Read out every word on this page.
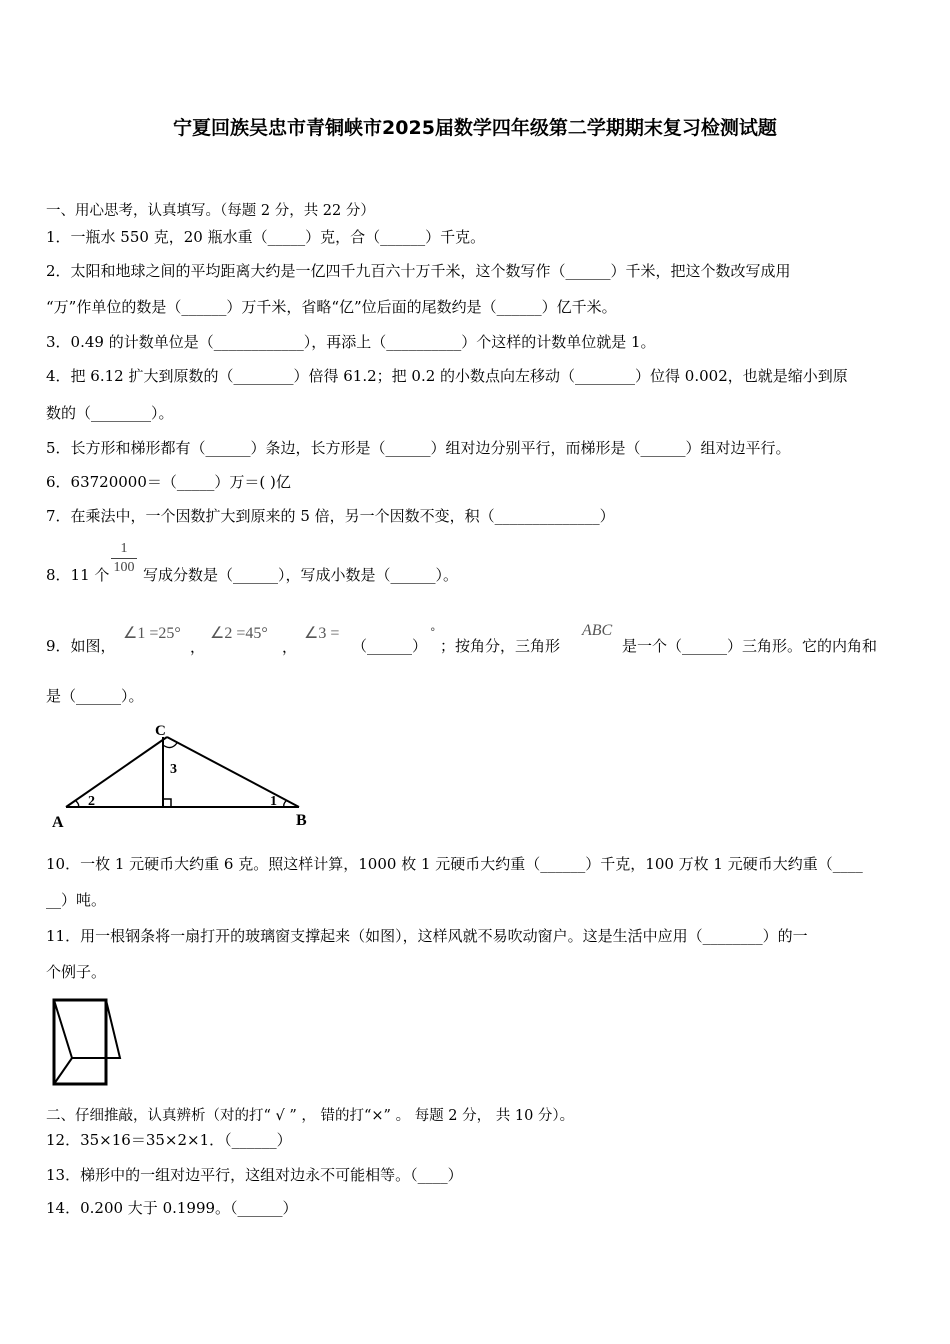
宁夏回族吴忠市青铜峡市2025届数学四年级第二学期期末复习检测试题
一、用心思考，认真填写。（每题 2 分，共 22 分）
1．一瓶水 550 克，20 瓶水重（_____）克，合（______）千克。
2．太阳和地球之间的平均距离大约是一亿四千九百六十万千米，这个数写作（______）千米，把这个数改写成用
“万”作单位的数是（______）万千米，省略“亿”位后面的尾数约是（______）亿千米。
3．0.49 的计数单位是（____________），再添上（__________）个这样的计数单位就是 1。
4．把 6.12 扩大到原数的（________）倍得 61.2；把 0.2 的小数点向左移动（________）位得 0.002，也就是缩小到原
数的（________）。
5．长方形和梯形都有（______）条边，长方形是（______）组对边分别平行，而梯形是（______）组对边平行。
6．63720000＝（_____）万＝( )亿
7．在乘法中，一个因数扩大到原来的 5 倍，另一个因数不变，积（______________）
8．11 个
1
100 写成分数是（______），写成小数是（______）。
9．如图，
∠1 =25°
，
∠2 =45°
，
∠3 =
（______）
°
；按角分，三角形
ABC
是一个（______）三角形。它的内角和
是（______）。
C
3
2	1
A	B
10．一枚 1 元硬币大约重 6 克。照这样计算，1000 枚 1 元硬币大约重（______）千克，100 万枚 1 元硬币大约重（____
__）吨。
11．用一根钢条将一扇打开的玻璃窗支撑起来（如图），这样风就不易吹动窗户。这是生活中应用（________）的一
个例子。
二、仔细推敲，认真辨析（对的打“ √ ” ， 错的打“×” 。 每题 2 分， 共 10 分）。
12．35×16＝35×2×1．（______）
13．梯形中的一组对边平行，这组对边永不可能相等。（____）
14．0.200 大于 0.1999。（______）
